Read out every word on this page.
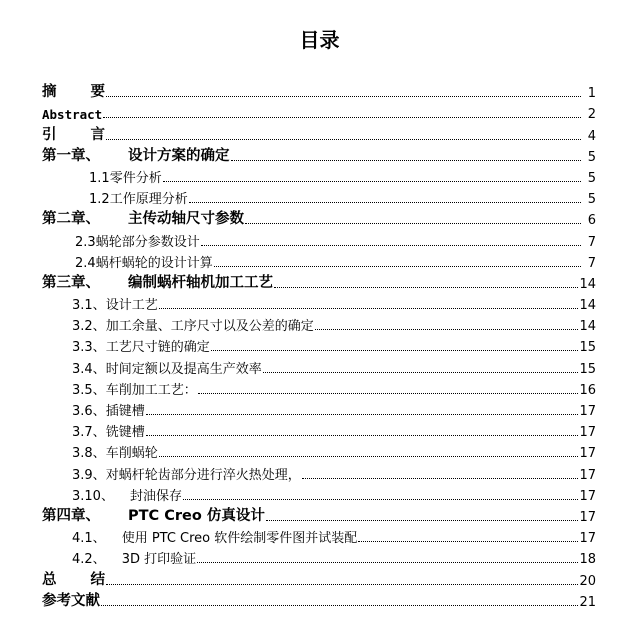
目录
摘 要	1
Abstract	2
引 言	4
第一章、 设计方案的确定	5
1.1 零件分析	5
1.2 工作原理分析	5
第二章、 主传动轴尺寸参数	6
2.3 蜗轮部分参数设计	7
2.4 蜗杆蜗轮的设计计算	7
第三章、 编制蜗杆轴机加工工艺	14
3.1、 设计工艺	14
3.2、 加工余量、工序尺寸以及公差的确定	14
3.3、 工艺尺寸链的确定	15
3.4、 时间定额以及提高生产效率	15
3.5、 车削加工工艺：	16
3.6、 插键槽	17
3.7、 铣键槽	17
3.8、 车削蜗轮	17
3.9、 对蜗杆轮齿部分进行淬火热处理，	17
3.10、 封油保存	17
第四章、 PTC Creo 仿真设计	17
4.1、 使用 PTC Creo 软件绘制零件图并试装配	17
4.2、 3D 打印验证	18
总 结	20
参考文献	21
